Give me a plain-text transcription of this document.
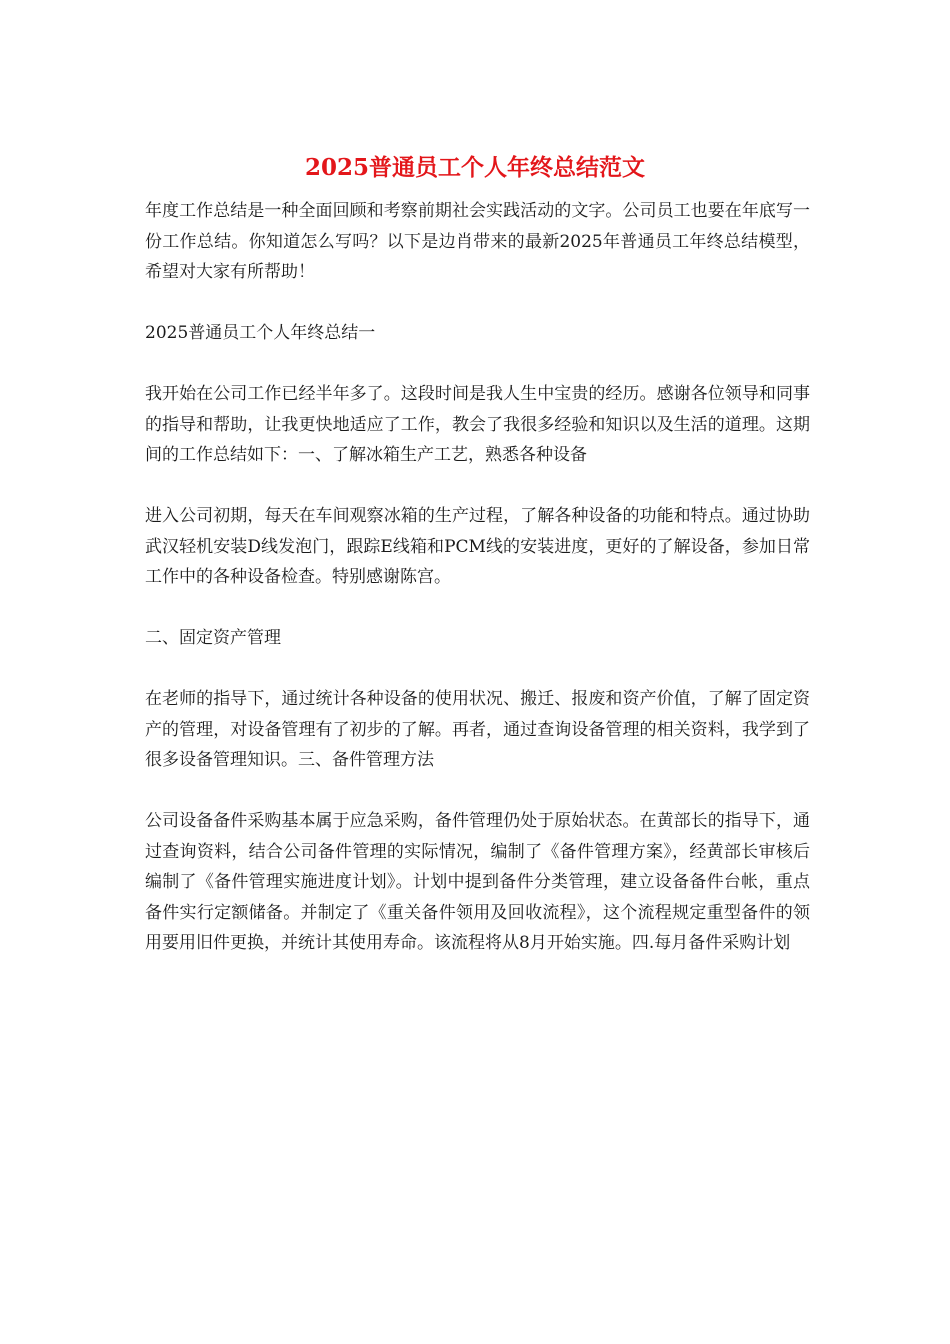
2025普通员工个人年终总结范文

年度工作总结是一种全面回顾和考察前期社会实践活动的文字。公司员工也要在年底写一份工作总结。你知道怎么写吗？以下是边肖带来的最新2025年普通员工年终总结模型，希望对大家有所帮助！

2025普通员工个人年终总结一

我开始在公司工作已经半年多了。这段时间是我人生中宝贵的经历。感谢各位领导和同事的指导和帮助，让我更快地适应了工作，教会了我很多经验和知识以及生活的道理。这期间的工作总结如下：一、了解冰箱生产工艺，熟悉各种设备

进入公司初期，每天在车间观察冰箱的生产过程，了解各种设备的功能和特点。通过协助武汉轻机安装D线发泡门，跟踪E线箱和PCM线的安装进度，更好的了解设备，参加日常工作中的各种设备检查。特别感谢陈宫。

二、固定资产管理

在老师的指导下，通过统计各种设备的使用状况、搬迁、报废和资产价值，了解了固定资产的管理，对设备管理有了初步的了解。再者，通过查询设备管理的相关资料，我学到了很多设备管理知识。三、备件管理方法

公司设备备件采购基本属于应急采购，备件管理仍处于原始状态。在黄部长的指导下，通过查询资料，结合公司备件管理的实际情况，编制了《备件管理方案》，经黄部长审核后编制了《备件管理实施进度计划》。计划中提到备件分类管理，建立设备备件台帐，重点备件实行定额储备。并制定了《重关备件领用及回收流程》，这个流程规定重型备件的领用要用旧件更换，并统计其使用寿命。该流程将从8月开始实施。四.每月备件采购计划
